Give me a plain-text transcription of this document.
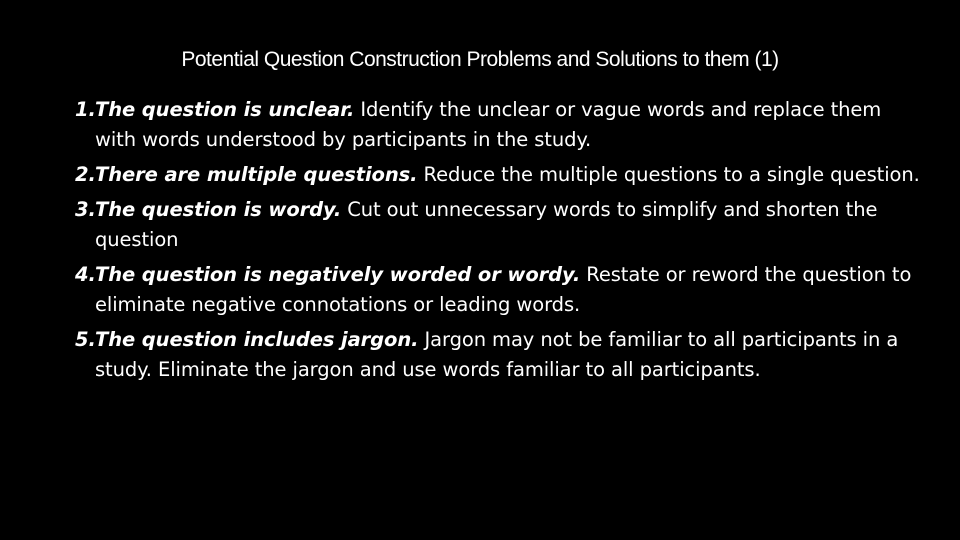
Potential Question Construction Problems and Solutions to them (1)
1. The question is unclear. Identify the unclear or vague words and replace them with words understood by participants in the study.
2. There are multiple questions. Reduce the multiple questions to a single question.
3. The question is wordy. Cut out unnecessary words to simplify and shorten the question
4. The question is negatively worded or wordy. Restate or reword the question to eliminate negative connotations or leading words.
5. The question includes jargon. Jargon may not be familiar to all participants in a study. Eliminate the jargon and use words familiar to all participants.
